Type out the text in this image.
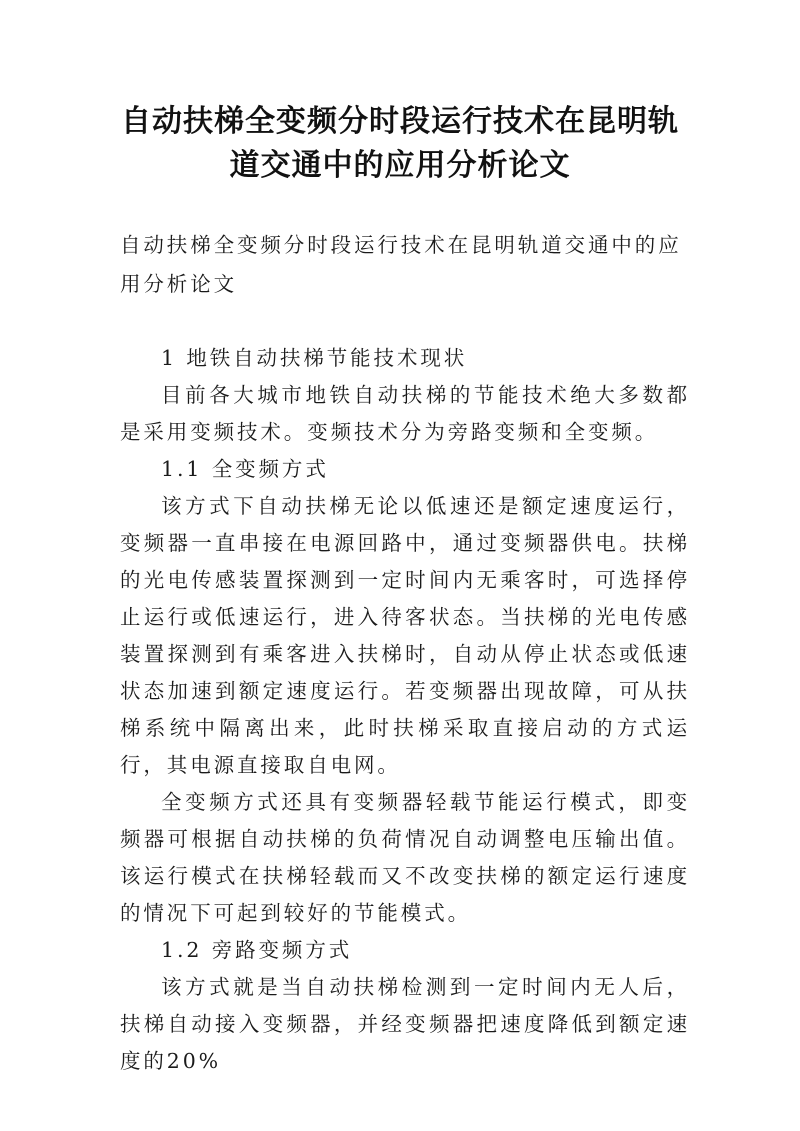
自动扶梯全变频分时段运行技术在昆明轨
道交通中的应用分析论文

自动扶梯全变频分时段运行技术在昆明轨道交通中的应用分析论文

1 地铁自动扶梯节能技术现状

目前各大城市地铁自动扶梯的节能技术绝大多数都是采用变频技术。变频技术分为旁路变频和全变频。

1.1 全变频方式

该方式下自动扶梯无论以低速还是额定速度运行，变频器一直串接在电源回路中，通过变频器供电。扶梯的光电传感装置探测到一定时间内无乘客时，可选择停止运行或低速运行，进入待客状态。当扶梯的光电传感装置探测到有乘客进入扶梯时，自动从停止状态或低速状态加速到额定速度运行。若变频器出现故障，可从扶梯系统中隔离出来，此时扶梯采取直接启动的方式运行，其电源直接取自电网。

全变频方式还具有变频器轻载节能运行模式，即变频器可根据自动扶梯的负荷情况自动调整电压输出值。该运行模式在扶梯轻载而又不改变扶梯的额定运行速度的情况下可起到较好的节能模式。

1.2 旁路变频方式

该方式就是当自动扶梯检测到一定时间内无人后，扶梯自动接入变频器，并经变频器把速度降低到额定速度的20%
